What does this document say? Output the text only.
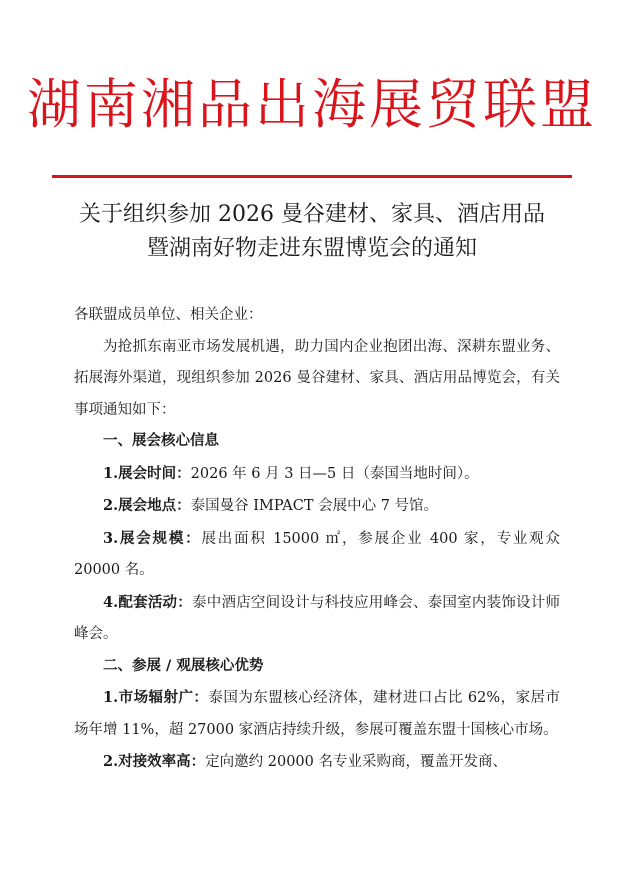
湖南湘品出海展贸联盟
关于组织参加 2026 曼谷建材、家具、酒店用品
暨湖南好物走进东盟博览会的通知

各联盟成员单位、相关企业：

为抢抓东南亚市场发展机遇，助力国内企业抱团出海、深耕东盟业务、拓展海外渠道，现组织参加 2026 曼谷建材、家具、酒店用品博览会，有关事项通知如下：

一、展会核心信息

1.展会时间：2026 年 6 月 3 日—5 日（泰国当地时间）。

2.展会地点：泰国曼谷 IMPACT 会展中心 7 号馆。

3.展会规模：展出面积 15000 ㎡，参展企业 400 家，专业观众 20000 名。

4.配套活动：泰中酒店空间设计与科技应用峰会、泰国室内装饰设计师峰会。

二、参展 / 观展核心优势

1.市场辐射广：泰国为东盟核心经济体，建材进口占比 62%，家居市场年增 11%，超 27000 家酒店持续升级，参展可覆盖东盟十国核心市场。

2.对接效率高：定向邀约 20000 名专业采购商，覆盖开发商、
